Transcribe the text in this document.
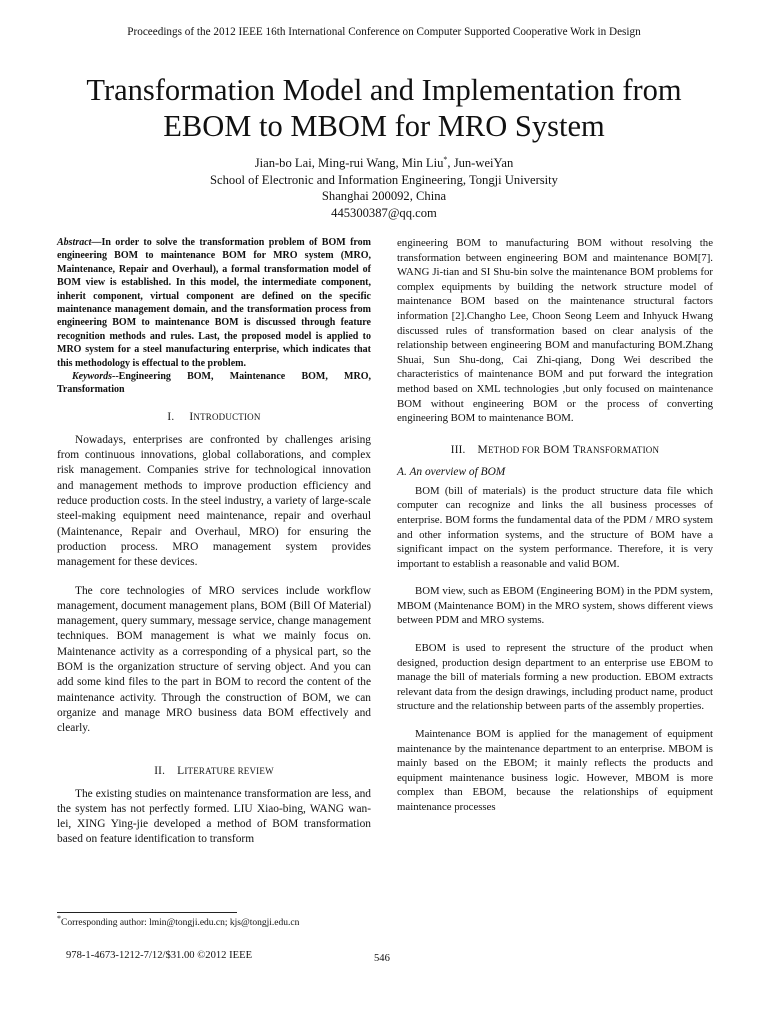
Proceedings of the 2012 IEEE 16th International Conference on Computer Supported Cooperative Work in Design
Transformation Model and Implementation from
EBOM to MBOM for MRO System
Jian-bo Lai, Ming-rui Wang, Min Liu*, Jun-weiYan
School of Electronic and Information Engineering, Tongji University
Shanghai 200092, China
445300387@qq.com

Abstract—In order to solve the transformation problem of BOM from engineering BOM to maintenance BOM for MRO system (MRO, Maintenance, Repair and Overhaul), a formal transformation model of BOM view is established. In this model, the intermediate component, inherit component, virtual component are defined on the specific maintenance management domain, and the transformation process from engineering BOM to maintenance BOM is discussed through feature recognition methods and rules. Last, the proposed model is applied to MRO system for a steel manufacturing enterprise, which indicates that this methodology is effectual to the problem.

Keywords--Engineering BOM, Maintenance BOM, MRO, Transformation

I. INTRODUCTION

Nowadays, enterprises are confronted by challenges arising from continuous innovations, global collaborations, and complex risk management. Companies strive for technological innovation and management methods to improve production efficiency and reduce production costs. In the steel industry, a variety of large-scale steel-making equipment need maintenance, repair and overhaul (Maintenance, Repair and Overhaul, MRO) for ensuring the production process. MRO management system provides management for these devices.

The core technologies of MRO services include workflow management, document management plans, BOM (Bill Of Material) management, query summary, message service, change management techniques. BOM management is what we mainly focus on. Maintenance activity as a corresponding of a physical part, so the BOM is the organization structure of serving object. And you can add some kind files to the part in BOM to record the content of the maintenance activity. Through the construction of BOM, we can organize and manage MRO business data BOM effectively and clearly.

II. LITERATURE REVIEW

The existing studies on maintenance transformation are less, and the system has not perfectly formed. LIU Xiao-bing, WANG wan-lei, XING Ying-jie developed a method of BOM transformation based on feature identification to transform

engineering BOM to manufacturing BOM without resolving the transformation between engineering BOM and maintenance BOM[7]. WANG Ji-tian and SI Shu-bin solve the maintenance BOM problems for complex equipments by building the network structure model of maintenance BOM based on the maintenance structural factors information [2].Changho Lee, Choon Seong Leem and Inhyuck Hwang discussed rules of transformation based on clear analysis of the relationship between engineering BOM and manufacturing BOM.Zhang Shuai, Sun Shu-dong, Cai Zhi-qiang, Dong Wei described the characteristics of maintenance BOM and put forward the integration method based on XML technologies ,but only focused on maintenance BOM without engineering BOM or the process of converting engineering BOM to maintenance BOM.

III. METHOD FOR BOM TRANSFORMATION
A. An overview of BOM

BOM (bill of materials) is the product structure data file which computer can recognize and links the all business processes of enterprise. BOM forms the fundamental data of the PDM / MRO system and other information systems, and the structure of BOM have a significant impact on the system performance. Therefore, it is very important to establish a reasonable and valid BOM.

BOM view, such as EBOM (Engineering BOM) in the PDM system, MBOM (Maintenance BOM) in the MRO system, shows different views between PDM and MRO systems.

EBOM is used to represent the structure of the product when designed, production design department to an enterprise use EBOM to manage the bill of materials forming a new production. EBOM extracts relevant data from the design drawings, including product name, product structure and the relationship between parts of the assembly properties.

Maintenance BOM is applied for the management of equipment maintenance by the maintenance department to an enterprise. MBOM is mainly based on the EBOM; it mainly reflects the products and equipment maintenance business logic. However, MBOM is more complex than EBOM, because the relationships of equipment maintenance processes

*Corresponding author: lmin@tongji.edu.cn; kjs@tongji.edu.cn
978-1-4673-1212-7/12/$31.00 ©2012 IEEE	546
